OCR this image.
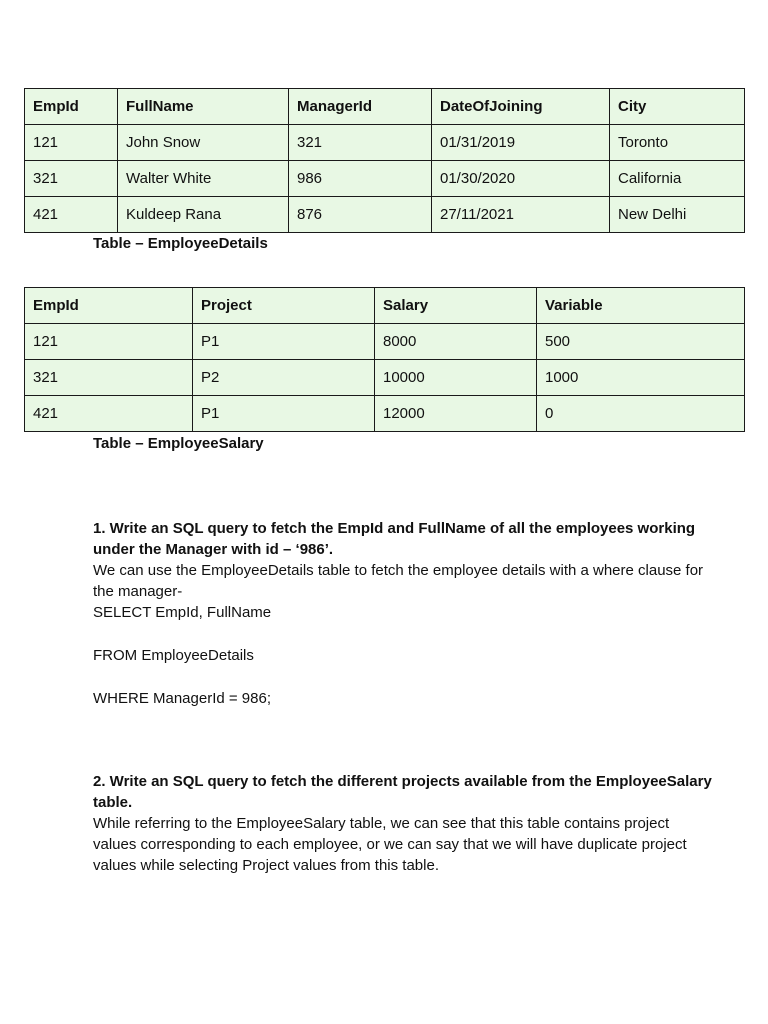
EmpId	FullName	ManagerId	DateOfJoining	City
121	John Snow	321	01/31/2019	Toronto
321	Walter White	986	01/30/2020	California
421	Kuldeep Rana	876	27/11/2021	New Delhi

Table – EmployeeDetails

EmpId	Project	Salary	Variable
121	P1	8000	500
321	P2	10000	1000
421	P1	12000	0

Table – EmployeeSalary

1. Write an SQL query to fetch the EmpId and FullName of all the employees working under the Manager with id – ‘986’.

We can use the EmployeeDetails table to fetch the employee details with a where clause for the manager-

SELECT EmpId, FullName

FROM EmployeeDetails

WHERE ManagerId = 986;

2. Write an SQL query to fetch the different projects available from the EmployeeSalary table.

While referring to the EmployeeSalary table, we can see that this table contains project values corresponding to each employee, or we can say that we will have duplicate project values while selecting Project values from this table.
